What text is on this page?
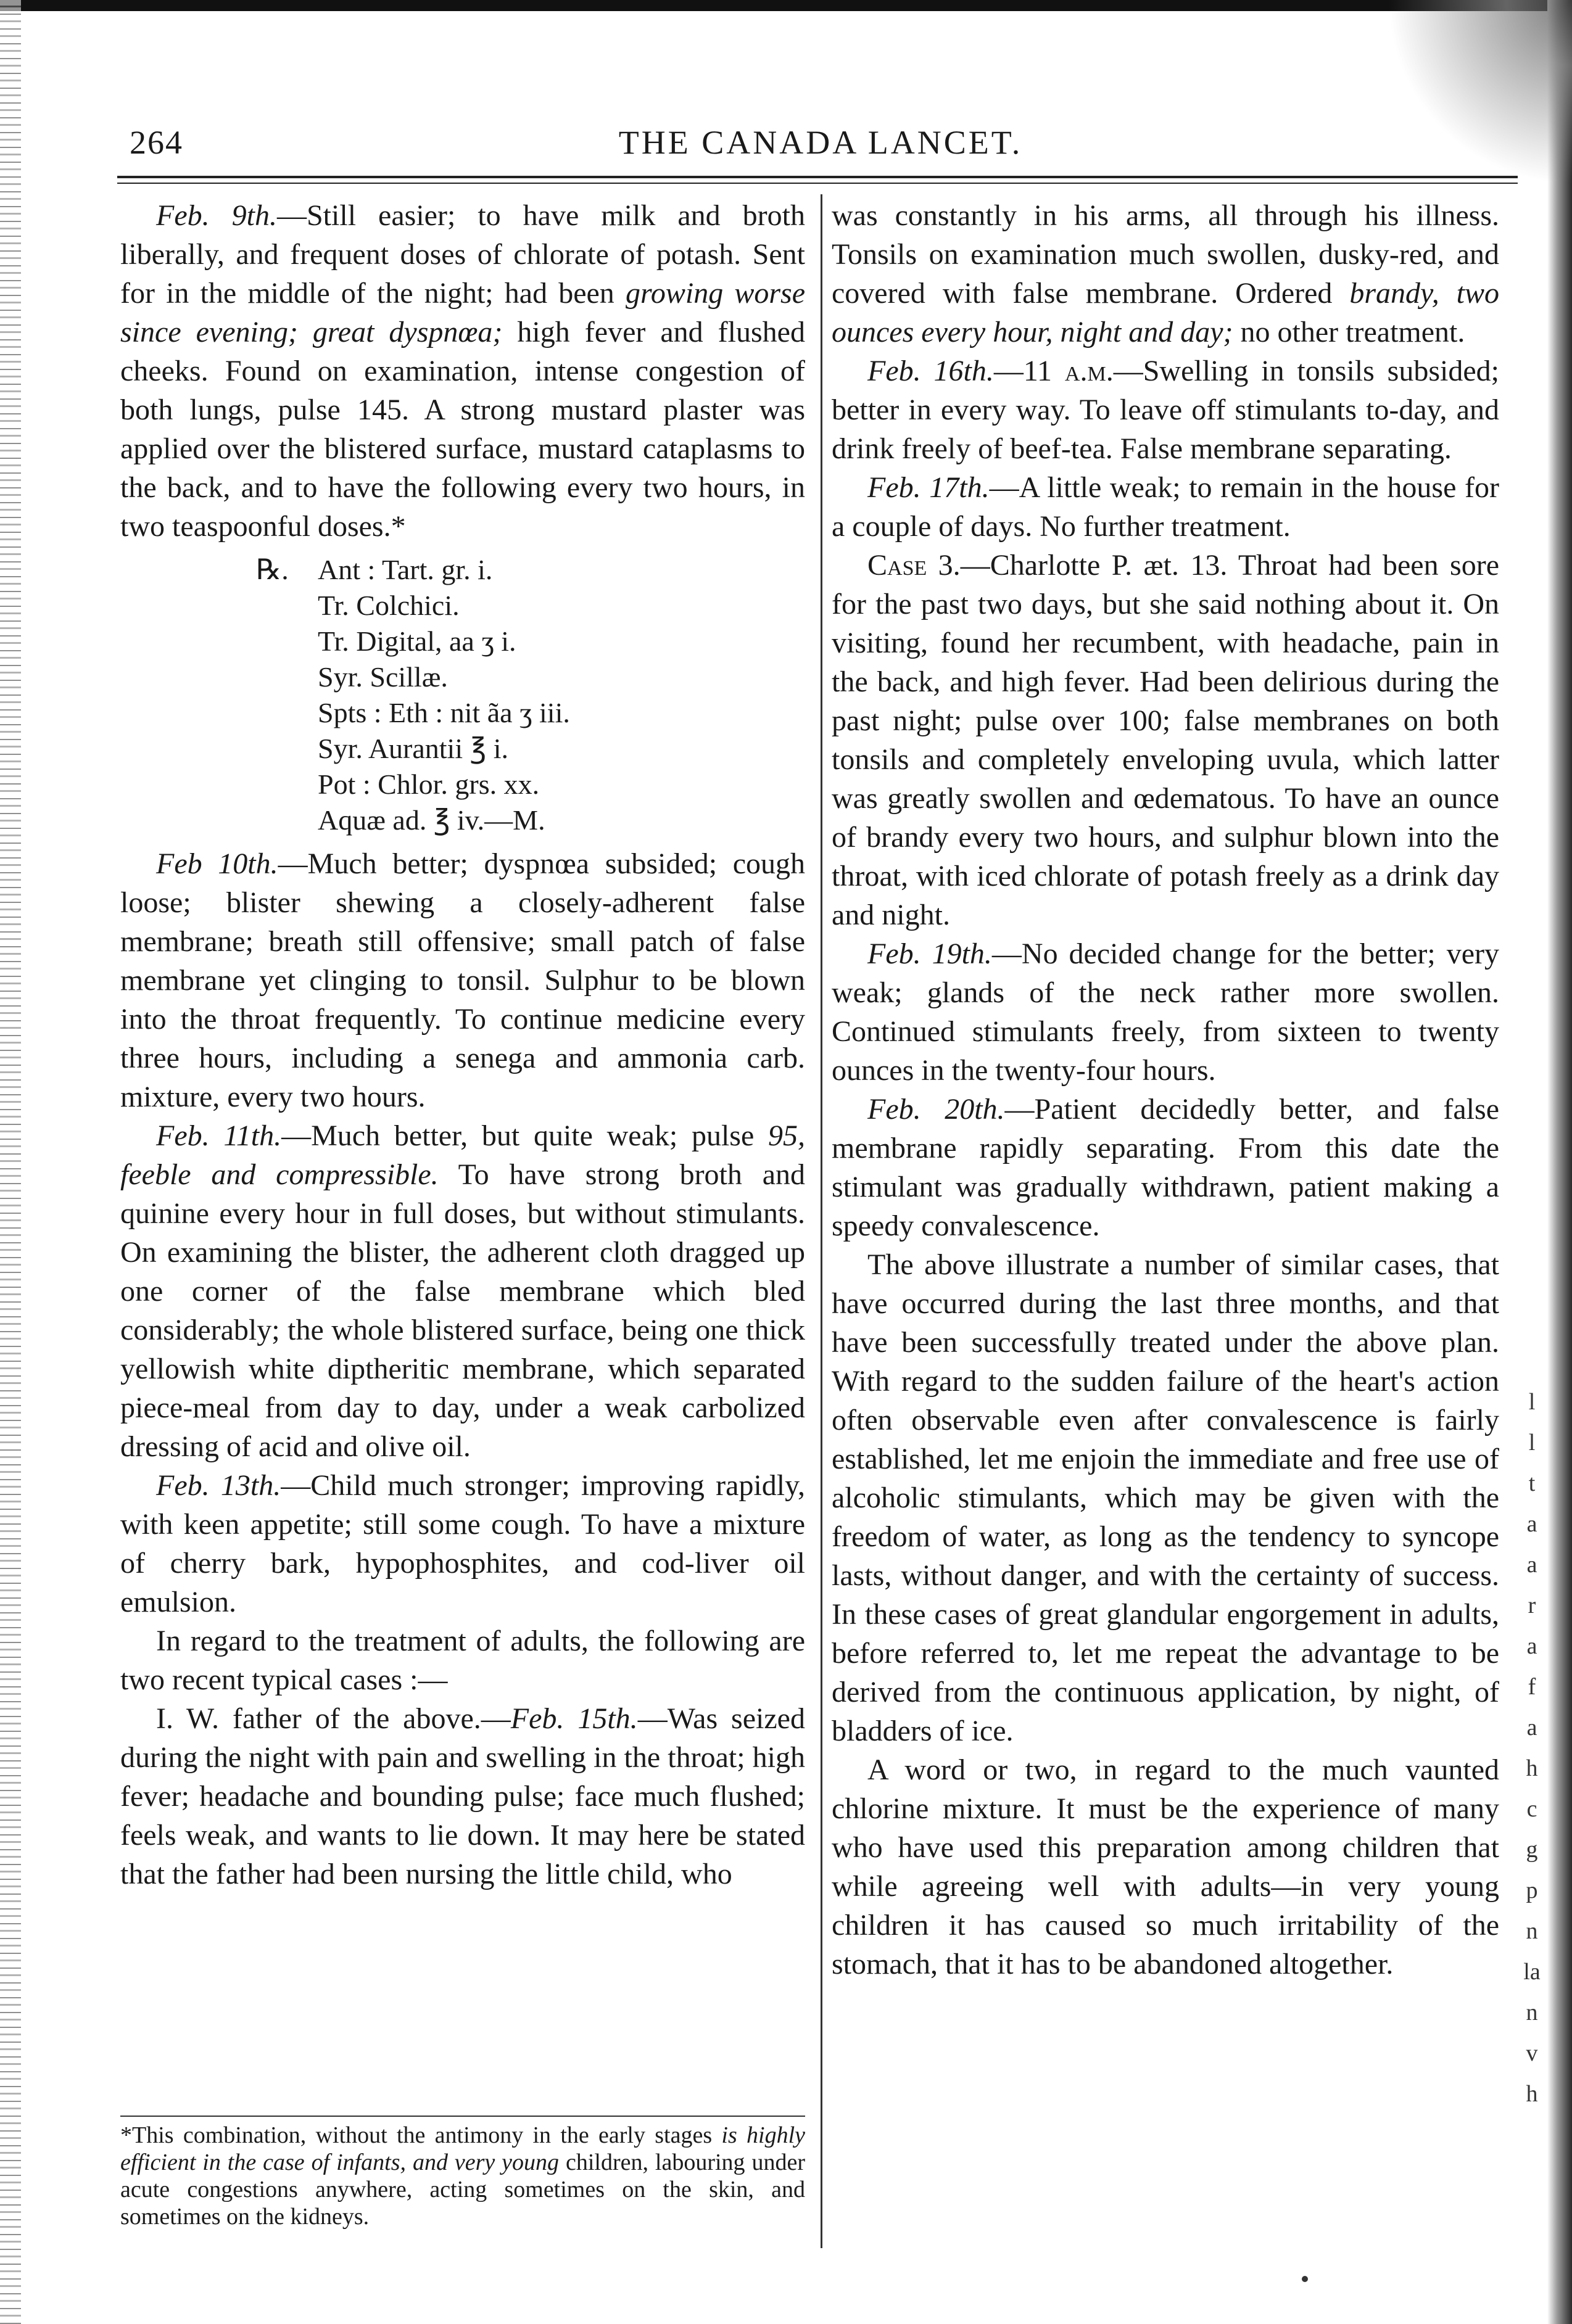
l
l
t
a
a
r
a
f
a
h
c
g
p
n
la
n
v
h
264	THE CANADA LANCET.

Feb. 9th.—Still easier; to have milk and broth liberally, and frequent doses of chlorate of potash. Sent for in the middle of the night; had been growing worse since evening; great dyspnœa; high fever and flushed cheeks. Found on examination, intense congestion of both lungs, pulse 145. A strong mustard plaster was applied over the blistered surface, mustard cataplasms to the back, and to have the following every two hours, in two teaspoonful doses.*

℞. Ant : Tart. gr. i.
Tr. Colchici.
Tr. Digital, aa ʒ i.
Syr. Scillæ.
Spts : Eth : nit ãa ʒ iii.
Syr. Aurantii ℥ i.
Pot : Chlor. grs. xx.
Aquæ ad. ℥ iv.—M.

Feb 10th.—Much better; dyspnœa subsided; cough loose; blister shewing a closely-adherent false membrane; breath still offensive; small patch of false membrane yet clinging to tonsil. Sulphur to be blown into the throat frequently. To continue medicine every three hours, including a senega and ammonia carb. mixture, every two hours.

Feb. 11th.—Much better, but quite weak; pulse 95, feeble and compressible. To have strong broth and quinine every hour in full doses, but without stimulants. On examining the blister, the adherent cloth dragged up one corner of the false membrane which bled considerably; the whole blistered surface, being one thick yellowish white diptheritic membrane, which separated piece-meal from day to day, under a weak carbolized dressing of acid and olive oil.

Feb. 13th.—Child much stronger; improving rapidly, with keen appetite; still some cough. To have a mixture of cherry bark, hypophosphites, and cod-liver oil emulsion.

In regard to the treatment of adults, the following are two recent typical cases :—

I. W. father of the above.—Feb. 15th.—Was seized during the night with pain and swelling in the throat; high fever; headache and bounding pulse; face much flushed; feels weak, and wants to lie down. It may here be stated that the father had been nursing the little child, who

*This combination, without the antimony in the early stages is highly efficient in the case of infants, and very young children, labouring under acute congestions anywhere, acting sometimes on the skin, and sometimes on the kidneys.

was constantly in his arms, all through his illness. Tonsils on examination much swollen, dusky-red, and covered with false membrane. Ordered brandy, two ounces every hour, night and day; no other treatment.

Feb. 16th.—11 a.m.—Swelling in tonsils subsided; better in every way. To leave off stimulants to-day, and drink freely of beef-tea. False membrane separating.

Feb. 17th.—A little weak; to remain in the house for a couple of days. No further treatment.

Case 3.—Charlotte P. æt. 13. Throat had been sore for the past two days, but she said nothing about it. On visiting, found her recumbent, with headache, pain in the back, and high fever. Had been delirious during the past night; pulse over 100; false membranes on both tonsils and completely enveloping uvula, which latter was greatly swollen and œdematous. To have an ounce of brandy every two hours, and sulphur blown into the throat, with iced chlorate of potash freely as a drink day and night.

Feb. 19th.—No decided change for the better; very weak; glands of the neck rather more swollen. Continued stimulants freely, from sixteen to twenty ounces in the twenty-four hours.

Feb. 20th.—Patient decidedly better, and false membrane rapidly separating. From this date the stimulant was gradually withdrawn, patient making a speedy convalescence.

The above illustrate a number of similar cases, that have occurred during the last three months, and that have been successfully treated under the above plan. With regard to the sudden failure of the heart's action often observable even after convalescence is fairly established, let me enjoin the immediate and free use of alcoholic stimulants, which may be given with the freedom of water, as long as the tendency to syncope lasts, without danger, and with the certainty of success. In these cases of great glandular engorgement in adults, before referred to, let me repeat the advantage to be derived from the continuous application, by night, of bladders of ice.

A word or two, in regard to the much vaunted chlorine mixture. It must be the experience of many who have used this preparation among children that while agreeing well with adults—in very young children it has caused so much irritability of the stomach, that it has to be abandoned altogether.
